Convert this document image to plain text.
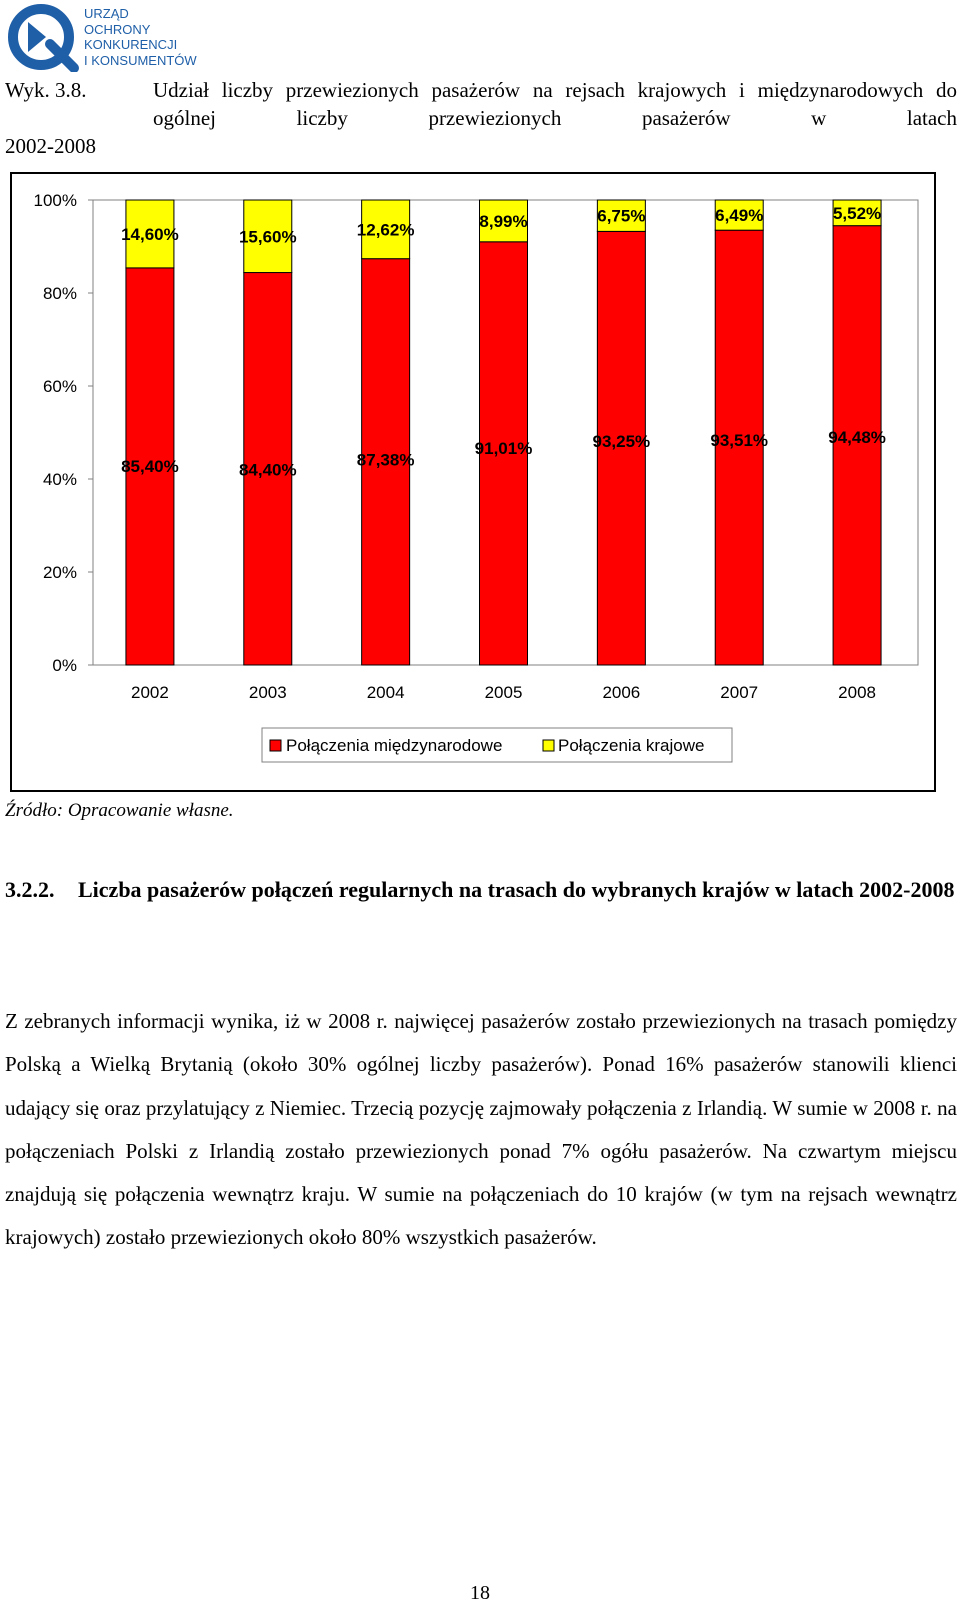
URZĄD
OCHRONY
KONKURENCJI
I KONSUMENTÓW
Wyk. 3.8.	Udział liczby przewiezionych pasażerów na rejsach krajowych i międzynarodowych do ogólnej liczby przewiezionych pasażerów w latach
2002-2008
0%
20%
40%
60%
80%
100%
85,40%
14,60%
2002
84,40%
15,60%
2003
87,38%
12,62%
2004
91,01%
8,99%
2005
93,25%
6,75%
2006
93,51%
6,49%
2007
94,48%
5,52%
2008
Połączenia międzynarodowe	Połączenia krajowe
Źródło: Opracowanie własne.
3.2.2. Liczba pasażerów połączeń regularnych na trasach do wybranych krajów w latach 2002-2008
Z zebranych informacji wynika, iż w 2008 r. najwięcej pasażerów zostało przewiezionych na trasach pomiędzy Polską a Wielką Brytanią (około 30% ogólnej liczby pasażerów). Ponad 16% pasażerów stanowili klienci udający się oraz przylatujący z Niemiec. Trzecią pozycję zajmowały połączenia z Irlandią. W sumie w 2008 r. na połączeniach Polski z Irlandią zostało przewiezionych ponad 7% ogółu pasażerów. Na czwartym miejscu znajdują się połączenia wewnątrz kraju. W sumie na połączeniach do 10 krajów (w tym na rejsach wewnątrz krajowych) zostało przewiezionych około 80% wszystkich pasażerów.
18
